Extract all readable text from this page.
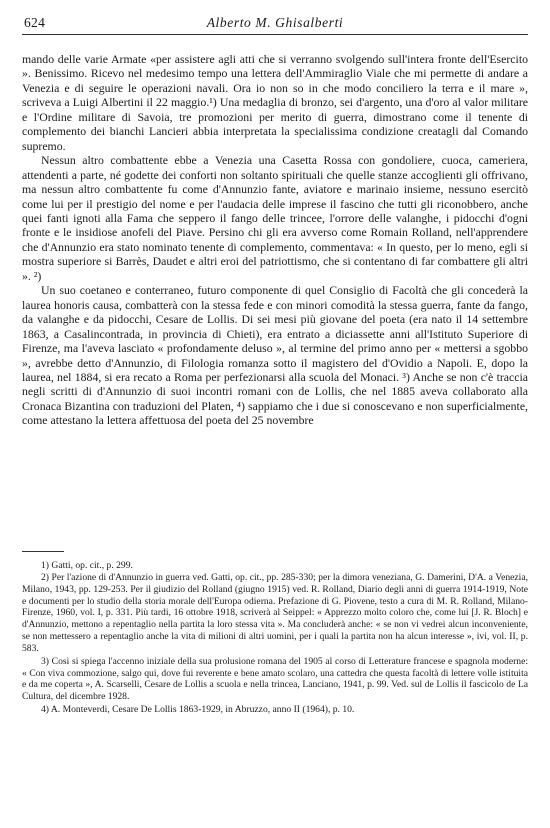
624	Alberto M. Ghisalberti

mando delle varie Armate «per assistere agli atti che si verranno svolgendo sull'intera fronte dell'Esercito ». Benissimo. Ricevo nel medesimo tempo una lettera dell'Ammiraglio Viale che mi permette di andare a Venezia e di seguire le operazioni navali. Ora io non so in che modo conciliero la terra e il mare », scriveva a Luigi Albertini il 22 maggio.¹) Una medaglia di bronzo, sei d'argento, una d'oro al valor militare e l'Ordine militare di Savoia, tre promozioni per merito di guerra, dimostrano come il tenente di complemento dei bianchi Lancieri abbia interpretata la specialissima condizione creatagli dal Comando supremo.

Nessun altro combattente ebbe a Venezia una Casetta Rossa con gondoliere, cuoca, cameriera, attendenti a parte, né godette dei conforti non soltanto spirituali che quelle stanze accoglienti gli offrivano, ma nessun altro combattente fu come d'Annunzio fante, aviatore e marinaio insieme, nessuno esercitò come lui per il prestigio del nome e per l'audacia delle imprese il fascino che tutti gli riconobbero, anche quei fanti ignoti alla Fama che seppero il fango delle trincee, l'orrore delle valanghe, i pidocchi d'ogni fronte e le insidiose anofeli del Piave. Persino chi gli era avverso come Romain Rolland, nell'apprendere che d'Annunzio era stato nominato tenente di complemento, commentava: « In questo, per lo meno, egli si mostra superiore si Barrès, Daudet e altri eroi del patriottismo, che si contentano di far combattere gli altri ». ²)

Un suo coetaneo e conterraneo, futuro componente di quel Consiglio di Facoltà che gli concederà la laurea honoris causa, combatterà con la stessa fede e con minori comodità la stessa guerra, fante da fango, da valanghe e da pidocchi, Cesare de Lollis. Di sei mesi più giovane del poeta (era nato il 14 settembre 1863, a Casalincontrada, in provincia di Chieti), era entrato a diciassette anni all'Istituto Superiore di Firenze, ma l'aveva lasciato « profondamente deluso », al termine del primo anno per « mettersi a sgobbo », avrebbe detto d'Annunzio, di Filologia romanza sotto il magistero del d'Ovidio a Napoli. E, dopo la laurea, nel 1884, si era recato a Roma per perfezionarsi alla scuola del Monaci. ³) Anche se non c'è traccia negli scritti di d'Annunzio di suoi incontri romani con de Lollis, che nel 1885 aveva collaborato alla Cronaca Bizantina con traduzioni del Platen, ⁴) sappiamo che i due si conoscevano e non superficialmente, come attestano la lettera affettuosa del poeta del 25 novembre

1) Gatti, op. cit., p. 299.

2) Per l'azione di d'Annunzio in guerra ved. Gatti, op. cit., pp. 285-330; per la dimora veneziana, G. Damerini, D'A. a Venezia, Milano, 1943, pp. 129-253. Per il giudizio del Rolland (giugno 1915) ved. R. Rolland, Diario degli anni di guerra 1914-1919, Note e documenti per lo studio della storia morale dell'Europa odierna. Prefazione di G. Piovene, testo a cura di M. R. Rolland, Milano-Firenze, 1960, vol. I, p. 331. Più tardi, 16 ottobre 1918, scriverà al Seippel: « Apprezzo molto coloro che, come lui [J. R. Bloch] e d'Annunzio, mettono a repentaglio nella partita la loro stessa vita ». Ma concluderà anche: « se non vi vedrei alcun inconveniente, se non mettessero a repentaglio anche la vita di milioni di altri uomini, per i quali la partita non ha alcun interesse », ivi, vol. II, p. 583.

3) Così si spiega l'accenno iniziale della sua prolusione romana del 1905 al corso di Letterature francese e spagnola moderne: « Con viva commozione, salgo qui, dove fui reverente e bene amato scolaro, una cattedra che questa facoltà di lettere volle istituita e da me coperta », A. Scarselli, Cesare de Lollis a scuola e nella trincea, Lanciano, 1941, p. 99. Ved. sul de Lollis il fascicolo de La Cultura, del dicembre 1928.

4) A. Monteverdi, Cesare De Lollis 1863-1929, in Abruzzo, anno II (1964), p. 10.
